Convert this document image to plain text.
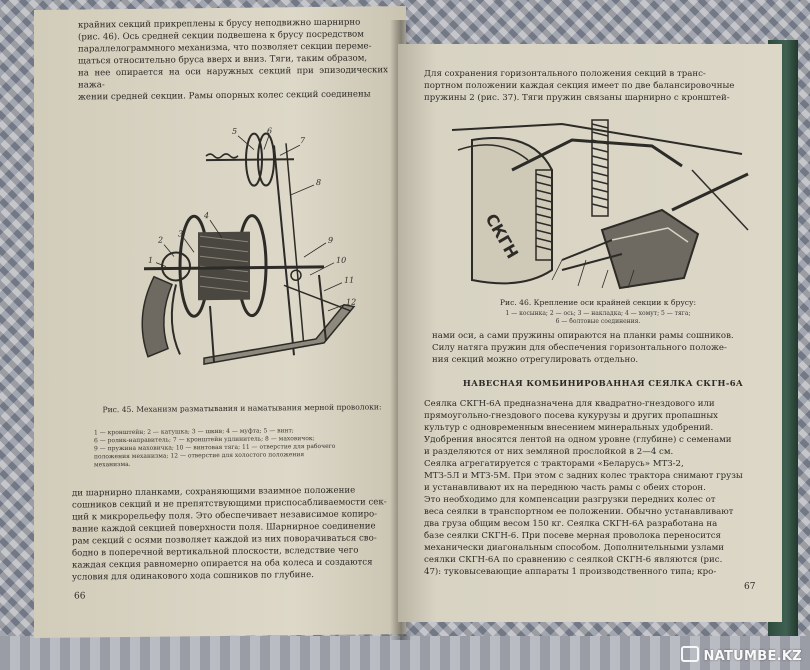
крайних секций прикреплены к брусу неподвижно шарнирно
(рис. 46). Ось средней секции подвешена к брусу посредством
параллелограммного механизма, что позволяет секции переме-
щаться относительно бруса вверх и вниз. Тяги, таким образом,
на нее опирается на оси наружных секций при эпизодических нажа-
жении средней секции. Рамы опорных колес секций соединены
5	6
7
8
4
3
2
1
9
10
11
12
Рис. 45. Механизм разматывания и наматывания мерной проволоки:
1 — кронштейн; 2 — катушка; 3 — шкив; 4 — муфта; 5 — винт;
6 — ролик-направитель; 7 — кронштейн удлинитель; 8 — маховичок;
9 — пружина маховичка; 10 — винтовая тяга; 11 — отверстие для рабочего
положения механизма; 12 — отверстие для холостого положения
механизма.
ди шарнирно планками, сохраняющими взаимное положение
сошников секций и не препятствующими приспосабливаемости сек-
ций к микрорельефу поля. Это обеспечивает независимое копиро-
вание каждой секцией поверхности поля. Шарнирное соединение
рам секций с осями позволяет каждой из них поворачиваться сво-
бодно в поперечной вертикальной плоскости, вследствие чего
каждая секция равномерно опирается на оба колеса и создаются
условия для одинакового хода сошников по глубине.
66
Для сохранения горизонтального положения секций в транс-
портном положении каждая секция имеет по две балансировочные
пружины 2 (рис. 37). Тяги пружин связаны шарнирно с кронштей-
СКГН
Рис. 46. Крепление оси крайней секции к брусу:
1 — косынка; 2 — ось; 3 — накладка; 4 — хомут; 5 — тяга;
6 — болтовые соединения.
нами оси, а сами пружины опираются на планки рамы сошников.
Силу натяга пружин для обеспечения горизонтального положе-
ния секций можно отрегулировать отдельно.
НАВЕСНАЯ КОМБИНИРОВАННАЯ СЕЯЛКА СКГН-6А
Сеялка СКГН-6А предназначена для квадратно-гнездового или
прямоугольно-гнездового посева кукурузы и других пропашных
культур с одновременным внесением минеральных удобрений.
Удобрения вносятся лентой на одном уровне (глубине) с семенами
и разделяются от них земляной прослойкой в 2—4 см.
Сеялка агрегатируется с тракторами «Беларусь» МТЗ-2,
МТЗ-5Л и МТЗ-5М. При этом с задних колес трактора снимают грузы
и устанавливают их на переднюю часть рамы с обеих сторон.
Это необходимо для компенсации разгрузки передних колес от
веса сеялки в транспортном ее положении. Обычно устанавливают
два груза общим весом 150 кг. Сеялка СКГН-6А разработана на
базе сеялки СКГН-6. При посеве мерная проволока переносится
механически диагональным способом. Дополнительными узлами
сеялки СКГН-6А по сравнению с сеялкой СКГН-6 являются (рис.
47): туковысевающие аппараты 1 производственного типа; кро-
67
NATUMBE.KZ
